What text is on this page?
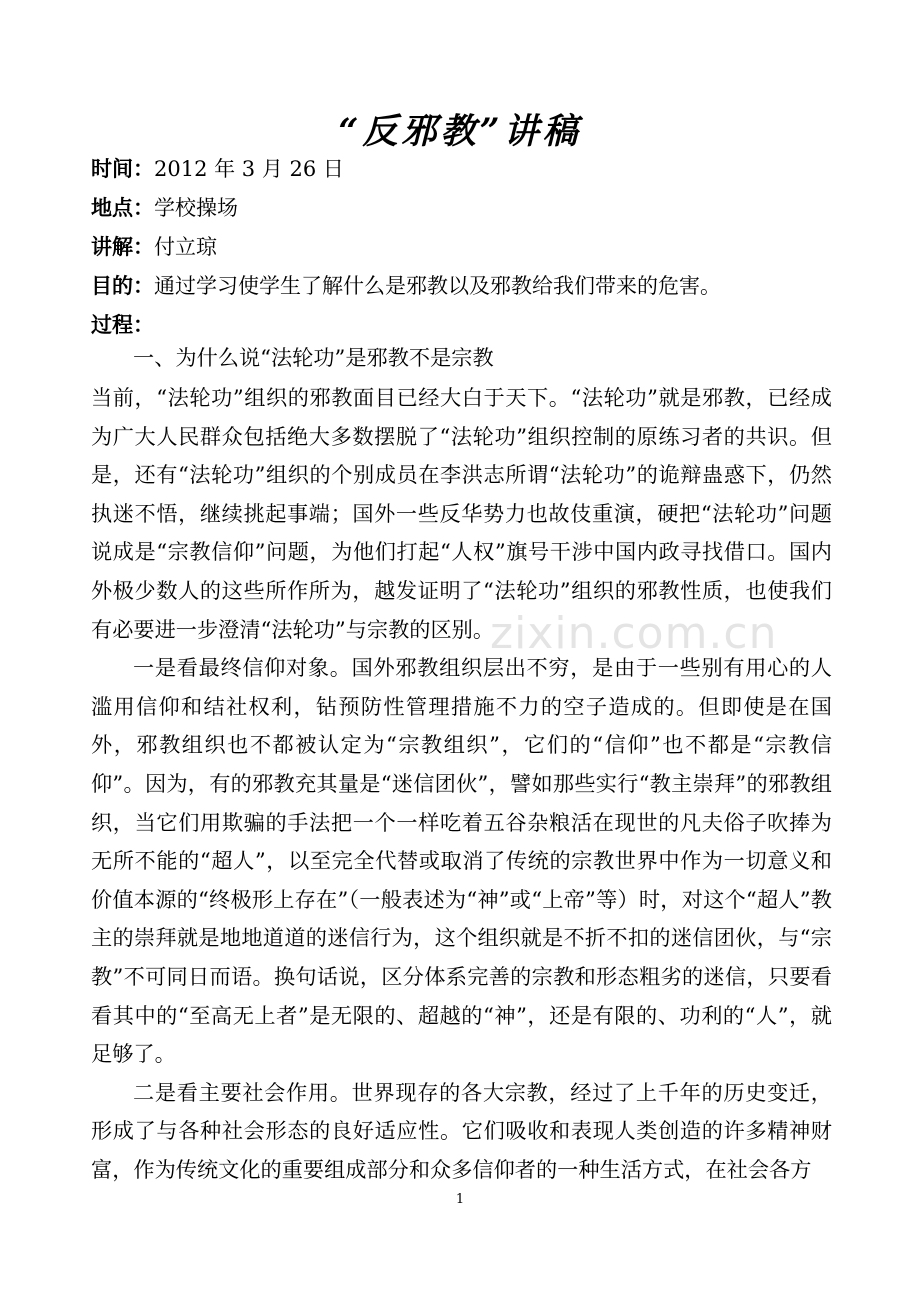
“反邪教”讲稿
时间：2012 年 3 月 26 日
地点：学校操场
讲解：付立琼
目的：通过学习使学生了解什么是邪教以及邪教给我们带来的危害。
过程：
一、为什么说“法轮功”是邪教不是宗教

当前，“法轮功”组织的邪教面目已经大白于天下。“法轮功”就是邪教，已经成为广大人民群众包括绝大多数摆脱了“法轮功”组织控制的原练习者的共识。但是，还有“法轮功”组织的个别成员在李洪志所谓“法轮功”的诡辩蛊惑下，仍然执迷不悟，继续挑起事端；国外一些反华势力也故伎重演，硬把“法轮功”问题说成是“宗教信仰”问题，为他们打起“人权”旗号干涉中国内政寻找借口。国内外极少数人的这些所作所为，越发证明了“法轮功”组织的邪教性质，也使我们有必要进一步澄清“法轮功”与宗教的区别。

一是看最终信仰对象。国外邪教组织层出不穷，是由于一些别有用心的人滥用信仰和结社权利，钻预防性管理措施不力的空子造成的。但即使是在国外，邪教组织也不都被认定为“宗教组织”，它们的“信仰”也不都是“宗教信仰”。因为，有的邪教充其量是“迷信团伙”，譬如那些实行“教主崇拜”的邪教组织，当它们用欺骗的手法把一个一样吃着五谷杂粮活在现世的凡夫俗子吹捧为无所不能的“超人”，以至完全代替或取消了传统的宗教世界中作为一切意义和价值本源的“终极形上存在”（一般表述为“神”或“上帝”等）时，对这个“超人”教主的崇拜就是地地道道的迷信行为，这个组织就是不折不扣的迷信团伙，与“宗教”不可同日而语。换句话说，区分体系完善的宗教和形态粗劣的迷信，只要看看其中的“至高无上者”是无限的、超越的“神”，还是有限的、功利的“人”，就足够了。

二是看主要社会作用。世界现存的各大宗教，经过了上千年的历史变迁，形成了与各种社会形态的良好适应性。它们吸收和表现人类创造的许多精神财富，作为传统文化的重要组成部分和众多信仰者的一种生活方式，在社会各方

zixin.com.cn
1
